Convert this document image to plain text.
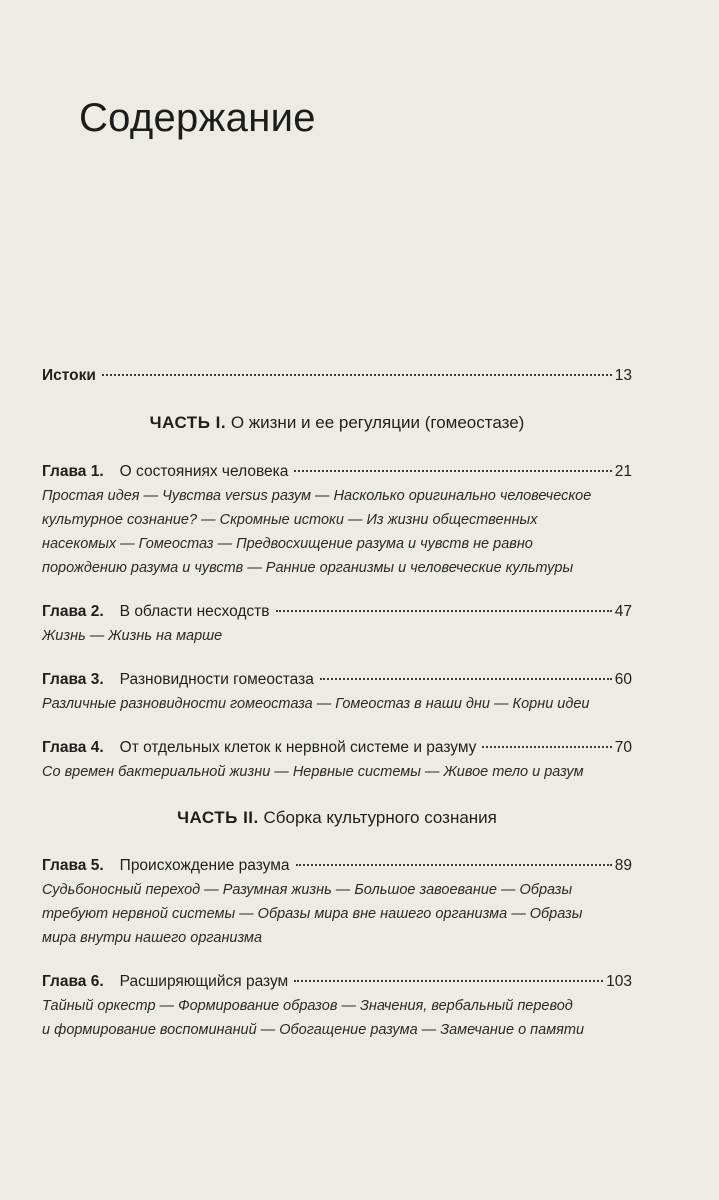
Содержание
Истоки	13
ЧАСТЬ I. О жизни и ее регуляции (гомеостазе)
Глава 1. О состояниях человека	21

Простая идея — Чувства versus разум — Насколько оригинально человеческое

культурное сознание? — Скромные истоки — Из жизни общественных

насекомых — Гомеостаз — Предвосхищение разума и чувств не равно

порождению разума и чувств — Ранние организмы и человеческие культуры

Глава 2. В области несходств	47

Жизнь — Жизнь на марше

Глава 3. Разновидности гомеостаза	60

Различные разновидности гомеостаза — Гомеостаз в наши дни — Корни идеи

Глава 4. От отдельных клеток к нервной системе и разуму	70

Со времен бактериальной жизни — Нервные системы — Живое тело и разум

ЧАСТЬ II. Сборка культурного сознания
Глава 5. Происхождение разума	89

Судьбоносный переход — Разумная жизнь — Большое завоевание — Образы

требуют нервной системы — Образы мира вне нашего организма — Образы

мира внутри нашего организма

Глава 6. Расширяющийся разум	103

Тайный оркестр — Формирование образов — Значения, вербальный перевод

и формирование воспоминаний — Обогащение разума — Замечание о памяти
